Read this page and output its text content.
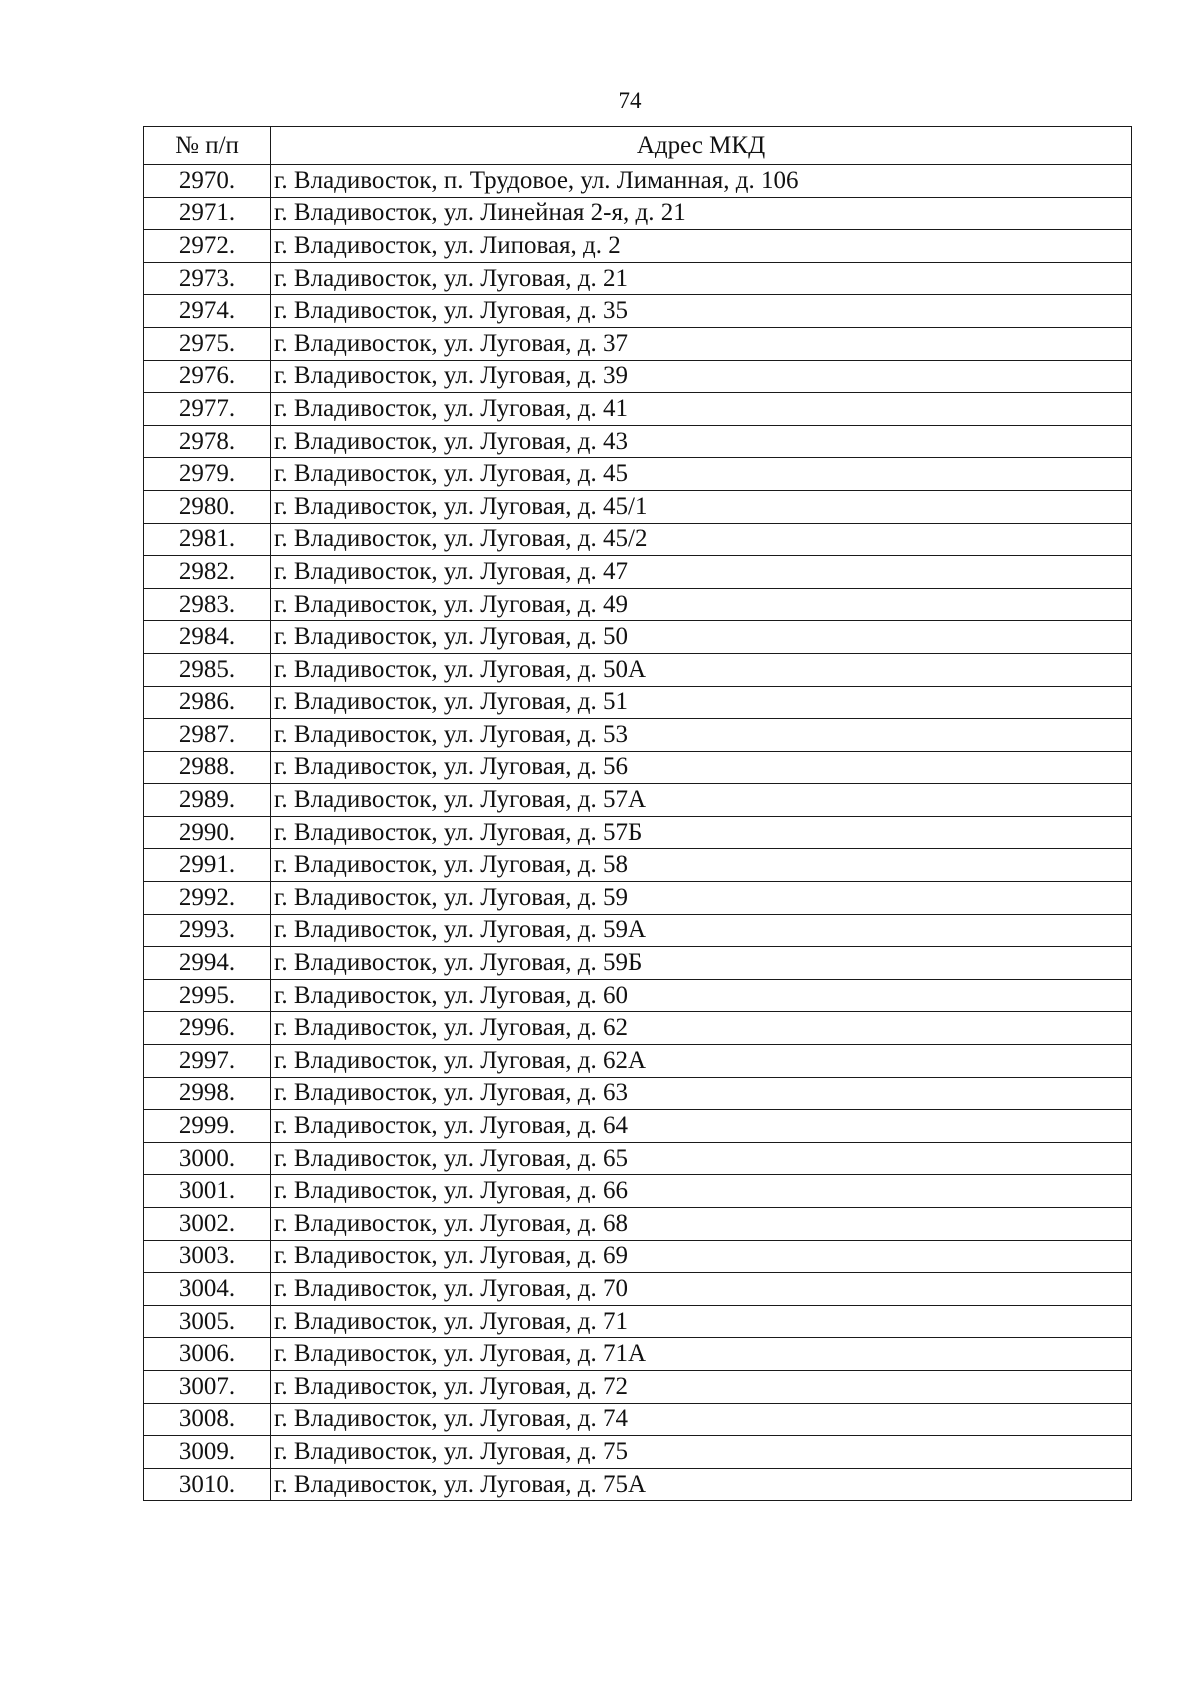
74
№ п/п	Адрес МКД
2970.	г. Владивосток, п. Трудовое, ул. Лиманная, д. 106
2971.	г. Владивосток, ул. Линейная 2-я, д. 21
2972.	г. Владивосток, ул. Липовая, д. 2
2973.	г. Владивосток, ул. Луговая, д. 21
2974.	г. Владивосток, ул. Луговая, д. 35
2975.	г. Владивосток, ул. Луговая, д. 37
2976.	г. Владивосток, ул. Луговая, д. 39
2977.	г. Владивосток, ул. Луговая, д. 41
2978.	г. Владивосток, ул. Луговая, д. 43
2979.	г. Владивосток, ул. Луговая, д. 45
2980.	г. Владивосток, ул. Луговая, д. 45/1
2981.	г. Владивосток, ул. Луговая, д. 45/2
2982.	г. Владивосток, ул. Луговая, д. 47
2983.	г. Владивосток, ул. Луговая, д. 49
2984.	г. Владивосток, ул. Луговая, д. 50
2985.	г. Владивосток, ул. Луговая, д. 50А
2986.	г. Владивосток, ул. Луговая, д. 51
2987.	г. Владивосток, ул. Луговая, д. 53
2988.	г. Владивосток, ул. Луговая, д. 56
2989.	г. Владивосток, ул. Луговая, д. 57А
2990.	г. Владивосток, ул. Луговая, д. 57Б
2991.	г. Владивосток, ул. Луговая, д. 58
2992.	г. Владивосток, ул. Луговая, д. 59
2993.	г. Владивосток, ул. Луговая, д. 59А
2994.	г. Владивосток, ул. Луговая, д. 59Б
2995.	г. Владивосток, ул. Луговая, д. 60
2996.	г. Владивосток, ул. Луговая, д. 62
2997.	г. Владивосток, ул. Луговая, д. 62А
2998.	г. Владивосток, ул. Луговая, д. 63
2999.	г. Владивосток, ул. Луговая, д. 64
3000.	г. Владивосток, ул. Луговая, д. 65
3001.	г. Владивосток, ул. Луговая, д. 66
3002.	г. Владивосток, ул. Луговая, д. 68
3003.	г. Владивосток, ул. Луговая, д. 69
3004.	г. Владивосток, ул. Луговая, д. 70
3005.	г. Владивосток, ул. Луговая, д. 71
3006.	г. Владивосток, ул. Луговая, д. 71А
3007.	г. Владивосток, ул. Луговая, д. 72
3008.	г. Владивосток, ул. Луговая, д. 74
3009.	г. Владивосток, ул. Луговая, д. 75
3010.	г. Владивосток, ул. Луговая, д. 75А
